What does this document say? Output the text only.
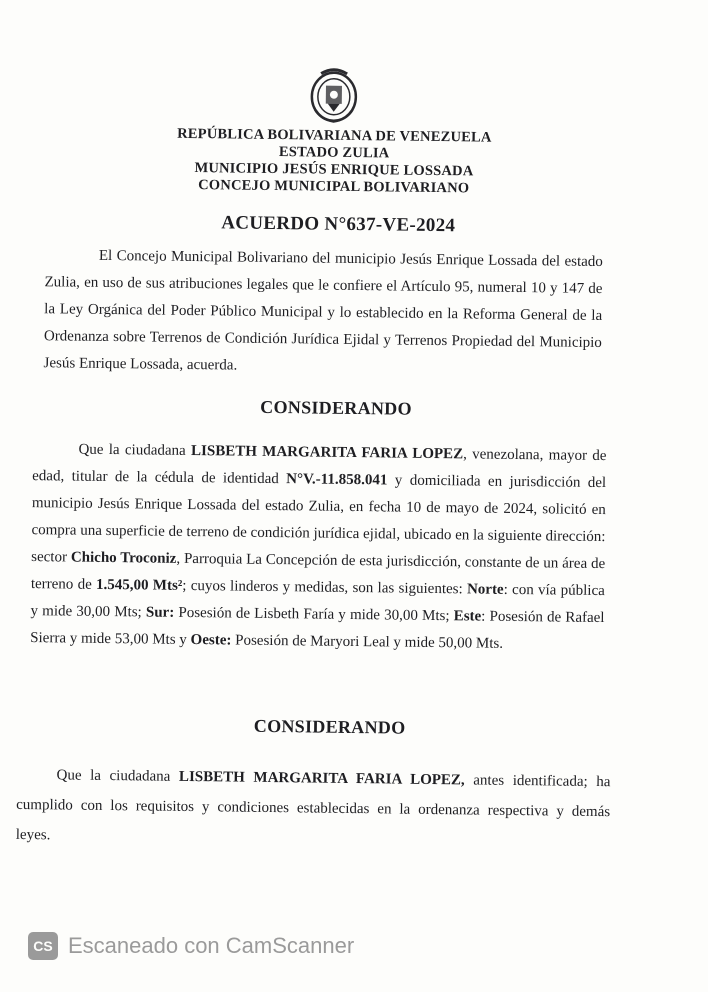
REPÚBLICA BOLIVARIANA DE VENEZUELA
ESTADO ZULIA
MUNICIPIO JESÚS ENRIQUE LOSSADA
CONCEJO MUNICIPAL BOLIVARIANO
ACUERDO N°637-VE-2024
El Concejo Municipal Bolivariano del municipio Jesús Enrique Lossada del estado Zulia, en uso de sus atribuciones legales que le confiere el Artículo 95, numeral 10 y 147 de la Ley Orgánica del Poder Público Municipal y lo establecido en la Reforma General de la Ordenanza sobre Terrenos de Condición Jurídica Ejidal y Terrenos Propiedad del Municipio Jesús Enrique Lossada, acuerda.
CONSIDERANDO
Que la ciudadana LISBETH MARGARITA FARIA LOPEZ, venezolana, mayor de edad, titular de la cédula de identidad N°V.-11.858.041 y domiciliada en jurisdicción del municipio Jesús Enrique Lossada del estado Zulia, en fecha 10 de mayo de 2024, solicitó en compra una superficie de terreno de condición jurídica ejidal, ubicado en la siguiente dirección: sector Chicho Troconiz, Parroquia La Concepción de esta jurisdicción, constante de un área de terreno de 1.545,00 Mts²; cuyos linderos y medidas, son las siguientes: Norte: con vía pública y mide 30,00 Mts; Sur: Posesión de Lisbeth Faría y mide 30,00 Mts; Este: Posesión de Rafael Sierra y mide 53,00 Mts y Oeste: Posesión de Maryori Leal y mide 50,00 Mts.
CONSIDERANDO
Que la ciudadana LISBETH MARGARITA FARIA LOPEZ, antes identificada; ha cumplido con los requisitos y condiciones establecidas en la ordenanza respectiva y demás leyes.
CS Escaneado con CamScanner
